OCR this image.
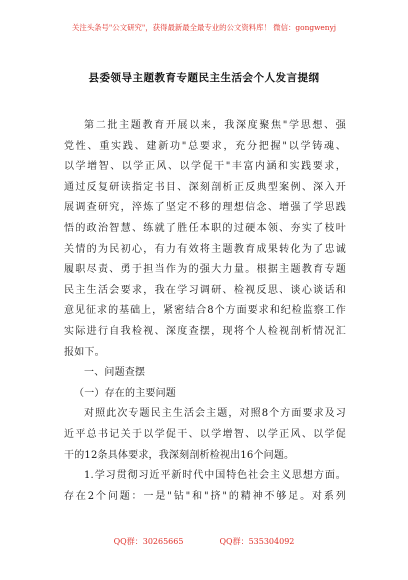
关注头条号"公文研究"，获得最新最全最专业的公文资料库！ 微信：gongwenyj
县委领导主题教育专题民主生活会个人发言提纲
第二批主题教育开展以来，我深度聚焦"学思想、强
党性、重实践、建新功"总要求，充分把握"以学铸魂、
以学增智、以学正风、以学促干"丰富内涵和实践要求，
通过反复研读指定书目、深刻剖析正反典型案例、深入开
展调查研究，淬炼了坚定不移的理想信念、增强了学思践
悟的政治智慧、练就了胜任本职的过硬本领、夯实了枝叶
关情的为民初心，有力有效将主题教育成果转化为了忠诚
履职尽责、勇于担当作为的强大力量。根据主题教育专题
民主生活会要求，我在学习调研、检视反思、谈心谈话和
意见征求的基础上，紧密结合8个方面要求和纪检监察工作
实际进行自我检视、深度查摆，现将个人检视剖析情况汇
报如下。
一、问题查摆
（一）存在的主要问题
对照此次专题民主生活会主题，对照8个方面要求及习
近平总书记关于以学促干、以学增智、以学正风、以学促
干的12条具体要求，我深刻剖析检视出16个问题。
1.学习贯彻习近平新时代中国特色社会主义思想方面。
存在2个问题：一是"钻"和"挤"的精神不够足。对系列
QQ群：30265665	QQ群：535304092
